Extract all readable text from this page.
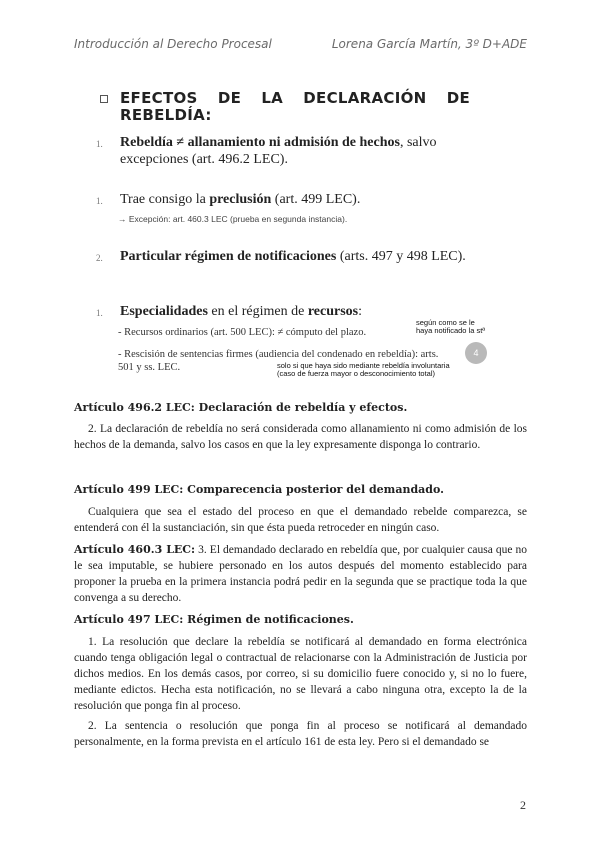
Introducción al Derecho Procesal	Lorena García Martín, 3º D+ADE
EFECTOS DE LA DECLARACIÓN DE REBELDÍA:
1. Rebeldía ≠ allanamiento ni admisión de hechos, salvo excepciones (art. 496.2 LEC).
1. Trae consigo la preclusión (art. 499 LEC).
→ Excepción: art. 460.3 LEC (prueba en segunda instancia).
2. Particular régimen de notificaciones (arts. 497 y 498 LEC).
1. Especialidades en el régimen de recursos:
- Recursos ordinarios (art. 500 LEC): ≠ cómputo del plazo.
- Rescisión de sentencias firmes (audiencia del condenado en rebeldía): arts. 501 y ss. LEC.
según como se le haya notificado la stª
solo si que haya sido mediante rebeldía involuntaria (caso de fuerza mayor o desconocimiento total)
4
Artículo 496.2 LEC: Declaración de rebeldía y efectos.

2. La declaración de rebeldía no será considerada como allanamiento ni como admisión de los hechos de la demanda, salvo los casos en que la ley expresamente disponga lo contrario.

Artículo 499 LEC: Comparecencia posterior del demandado.

Cualquiera que sea el estado del proceso en que el demandado rebelde comparezca, se entenderá con él la sustanciación, sin que ésta pueda retroceder en ningún caso.

Artículo 460.3 LEC: 3. El demandado declarado en rebeldía que, por cualquier causa que no le sea imputable, se hubiere personado en los autos después del momento establecido para proponer la prueba en la primera instancia podrá pedir en la segunda que se practique toda la que convenga a su derecho.

Artículo 497 LEC: Régimen de notificaciones.

1. La resolución que declare la rebeldía se notificará al demandado en forma electrónica cuando tenga obligación legal o contractual de relacionarse con la Administración de Justicia por dichos medios. En los demás casos, por correo, si su domicilio fuere conocido y, si no lo fuere, mediante edictos. Hecha esta notificación, no se llevará a cabo ninguna otra, excepto la de la resolución que ponga fin al proceso.

2. La sentencia o resolución que ponga fin al proceso se notificará al demandado personalmente, en la forma prevista en el artículo 161 de esta ley. Pero si el demandado se

2
